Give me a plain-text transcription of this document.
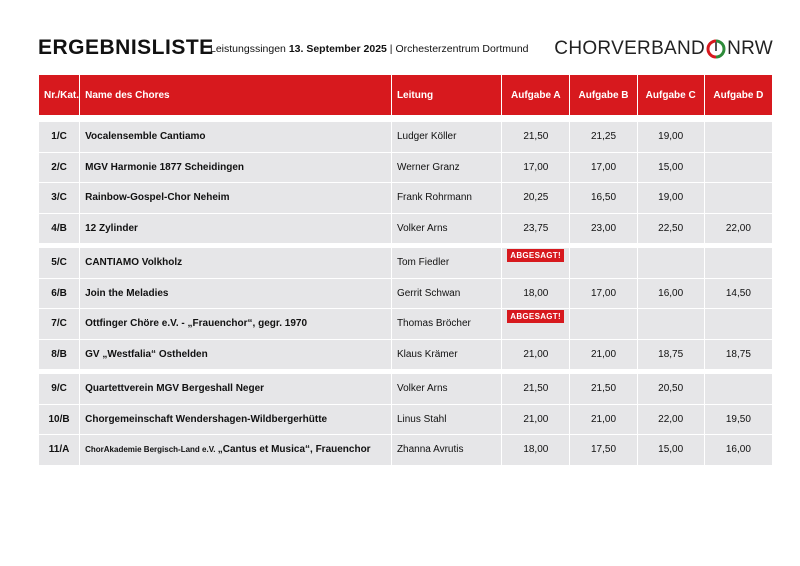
ERGEBNISLISTE
Leistungssingen 13. September 2025 | Orchesterzentrum Dortmund CHORVERBAND NRW
Nr./Kat.	Name des Chores	Leitung	Aufgabe A	Aufgabe B	Aufgabe C	Aufgabe D

1/C	Vocalensemble Cantiamo	Ludger Köller	21,50	21,25	19,00	
2/C	MGV Harmonie 1877 Scheidingen	Werner Granz	17,00	17,00	15,00	
3/C	Rainbow-Gospel-Chor Neheim	Frank Rohrmann	20,25	16,50	19,00	
4/B	12 Zylinder	Volker Arns	23,75	23,00	22,50	22,00

5/C	CANTIAMO Volkholz	Tom Fiedler	ABGESAGT!			
6/B	Join the Meladies	Gerrit Schwan	18,00	17,00	16,00	14,50
7/C	Ottfinger Chöre e.V. - „Frauenchor“, gegr. 1970	Thomas Bröcher	ABGESAGT!			
8/B	GV „Westfalia“ Osthelden	Klaus Krämer	21,00	21,00	18,75	18,75

9/C	Quartettverein MGV Bergeshall Neger	Volker Arns	21,50	21,50	20,50	
10/B	Chorgemeinschaft Wendershagen-Wildbergerhütte	Linus Stahl	21,00	21,00	22,00	19,50
11/A	ChorAkademie Bergisch-Land e.V. „Cantus et Musica“, Frauenchor	Zhanna Avrutis	18,00	17,50	15,00	16,00
